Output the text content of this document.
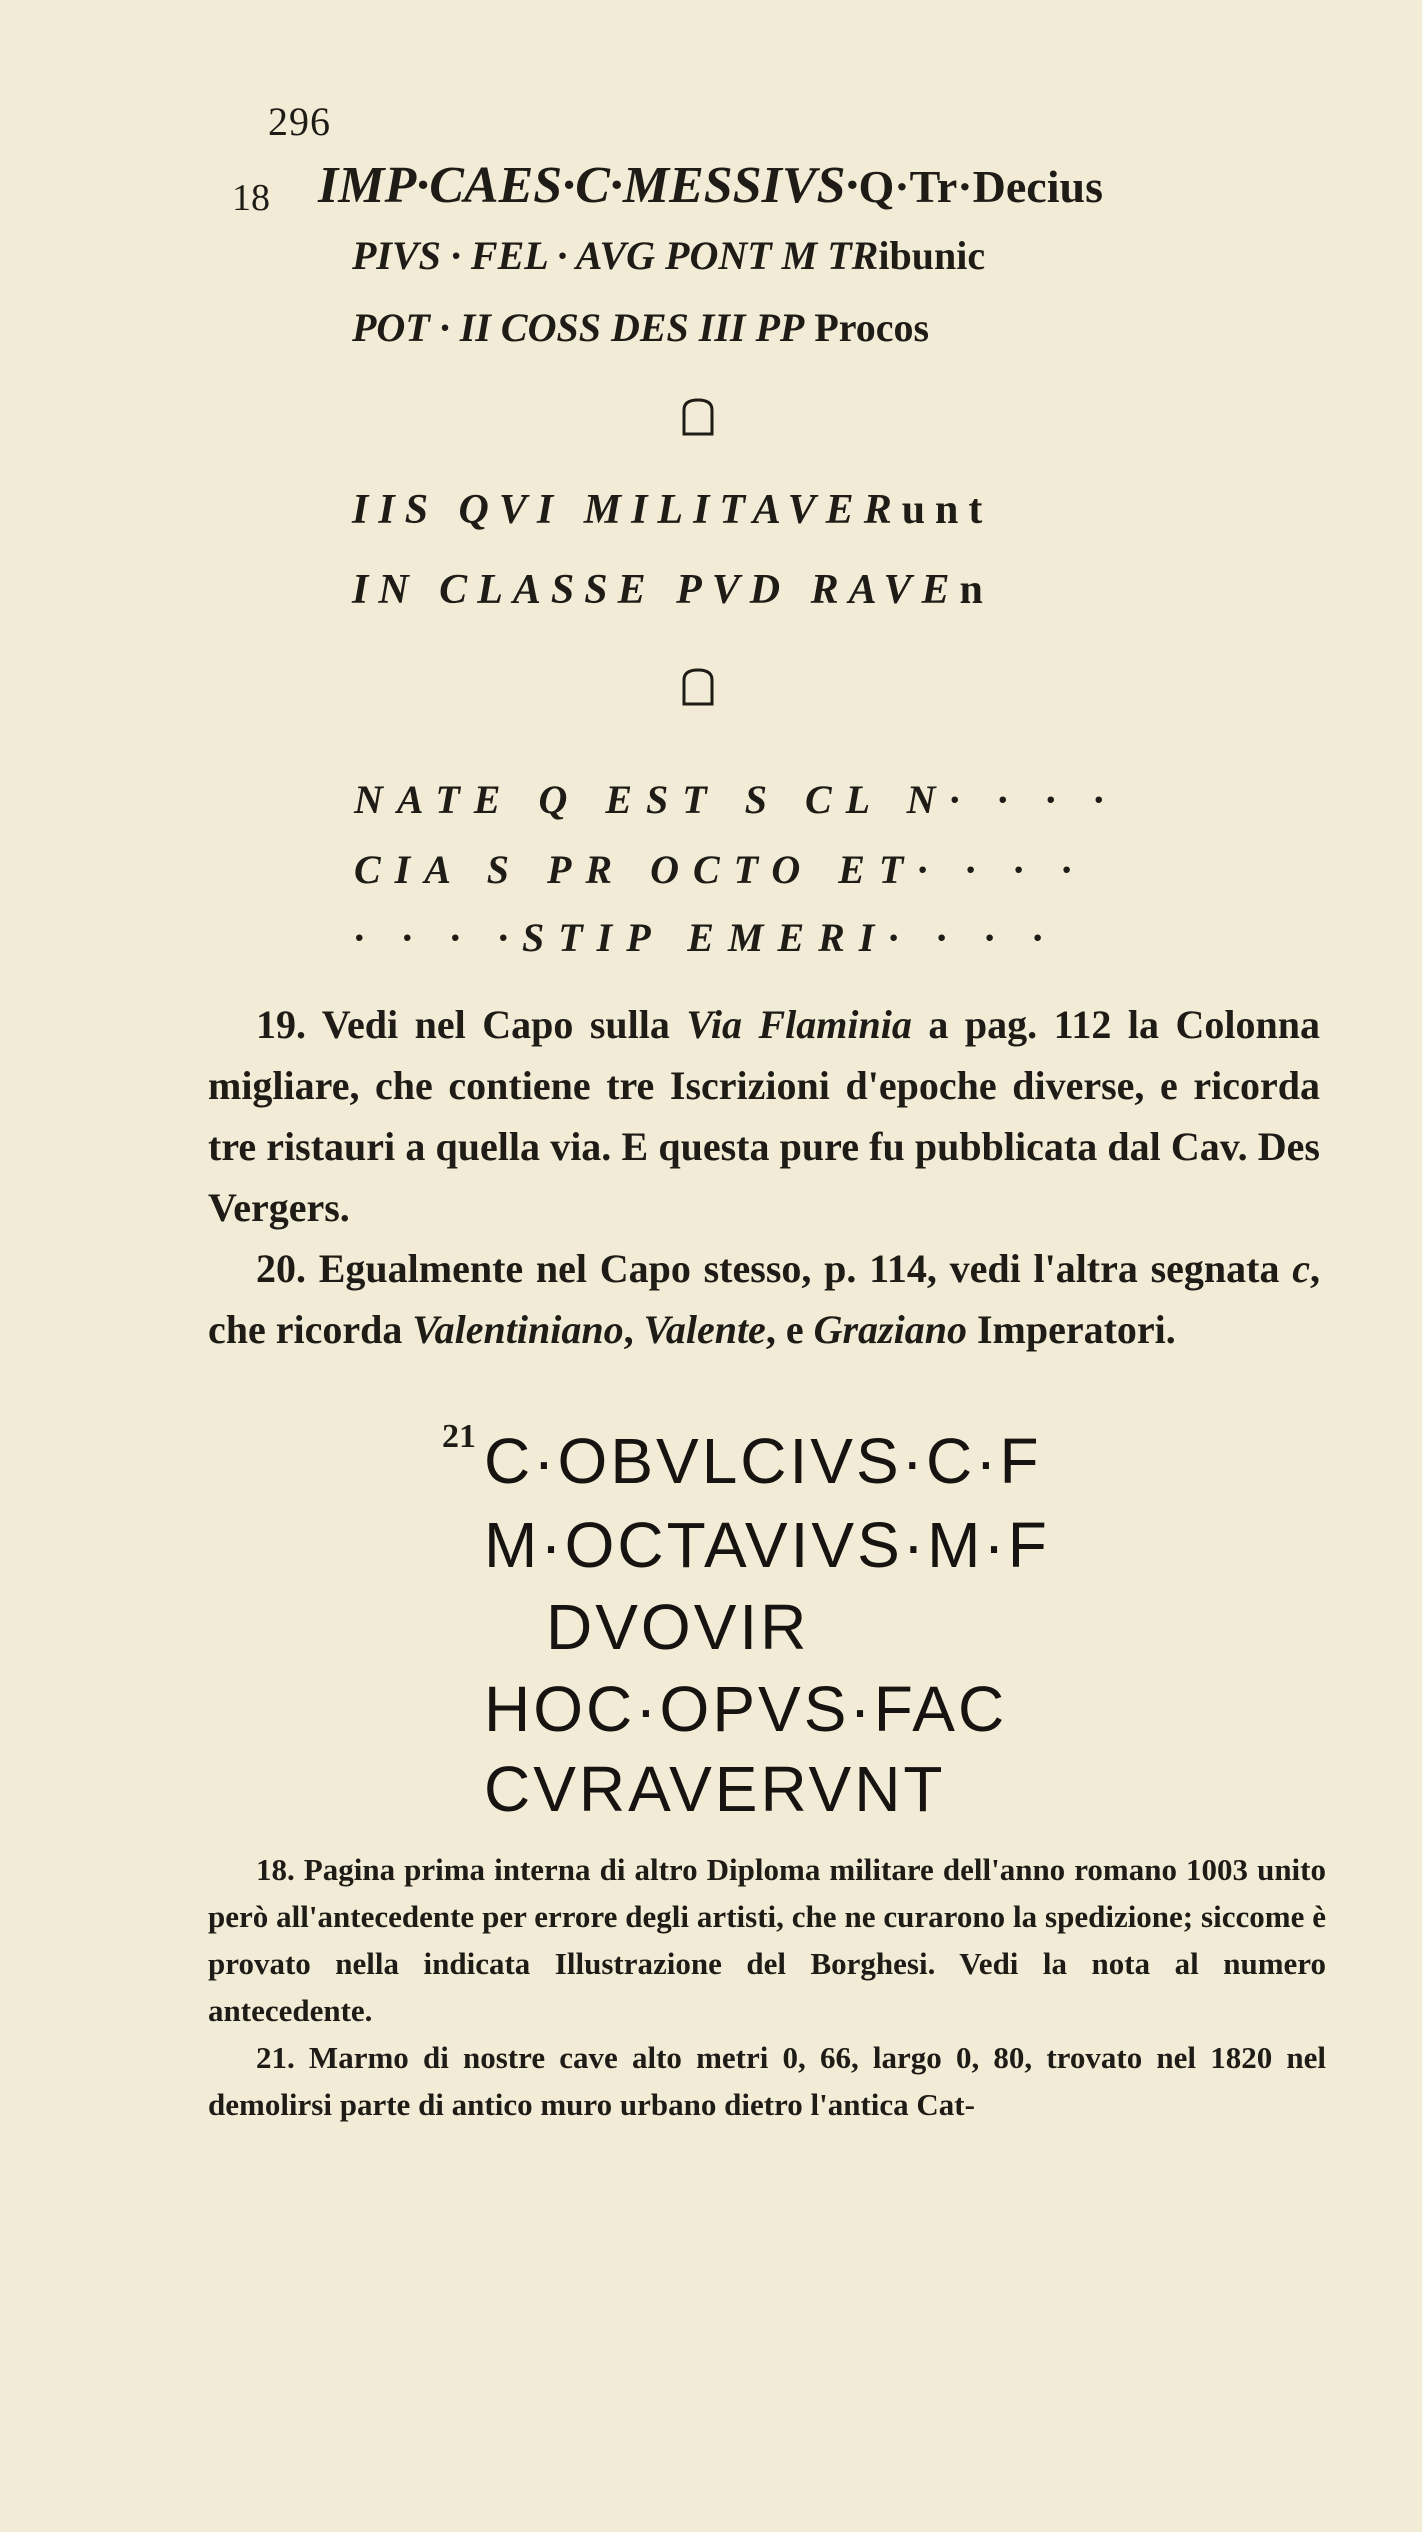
296
18 IMP·CAES·C·MESSIVS·Q·Tr·Decius
PIVS · FEL · AVG PONT M TRibunic
POT · II COSS DES III PP Procos
IIS QVI MILITAVERunt
IN CLASSE PVD RAVEn
NATE Q EST S CL N· · · ·
CIA S PR OCTO ET· · · ·
· · · ·STIP EMERI· · · ·

19. Vedi nel Capo sulla Via Flaminia a pag. 112 la Colonna migliare, che contiene tre Iscrizioni d'epoche diverse, e ricorda tre ristauri a quella via. E questa pure fu pubblicata dal Cav. Des Vergers.

20. Egualmente nel Capo stesso, p. 114, vedi l'altra segnata c, che ricorda Valentiniano, Valente, e Graziano Imperatori.

21 C·OBVLCIVS·C·F
M·OCTAVIVS·M·F
DVOVIR
HOC·OPVS·FAC
CVRAVERVNT

18. Pagina prima interna di altro Diploma militare dell'anno romano 1003 unito però all'antecedente per errore degli artisti, che ne curarono la spedizione; siccome è provato nella indicata Illustrazione del Borghesi. Vedi la nota al numero antecedente.

21. Marmo di nostre cave alto metri 0, 66, largo 0, 80, trovato nel 1820 nel demolirsi parte di antico muro urbano dietro l'antica Cat-
